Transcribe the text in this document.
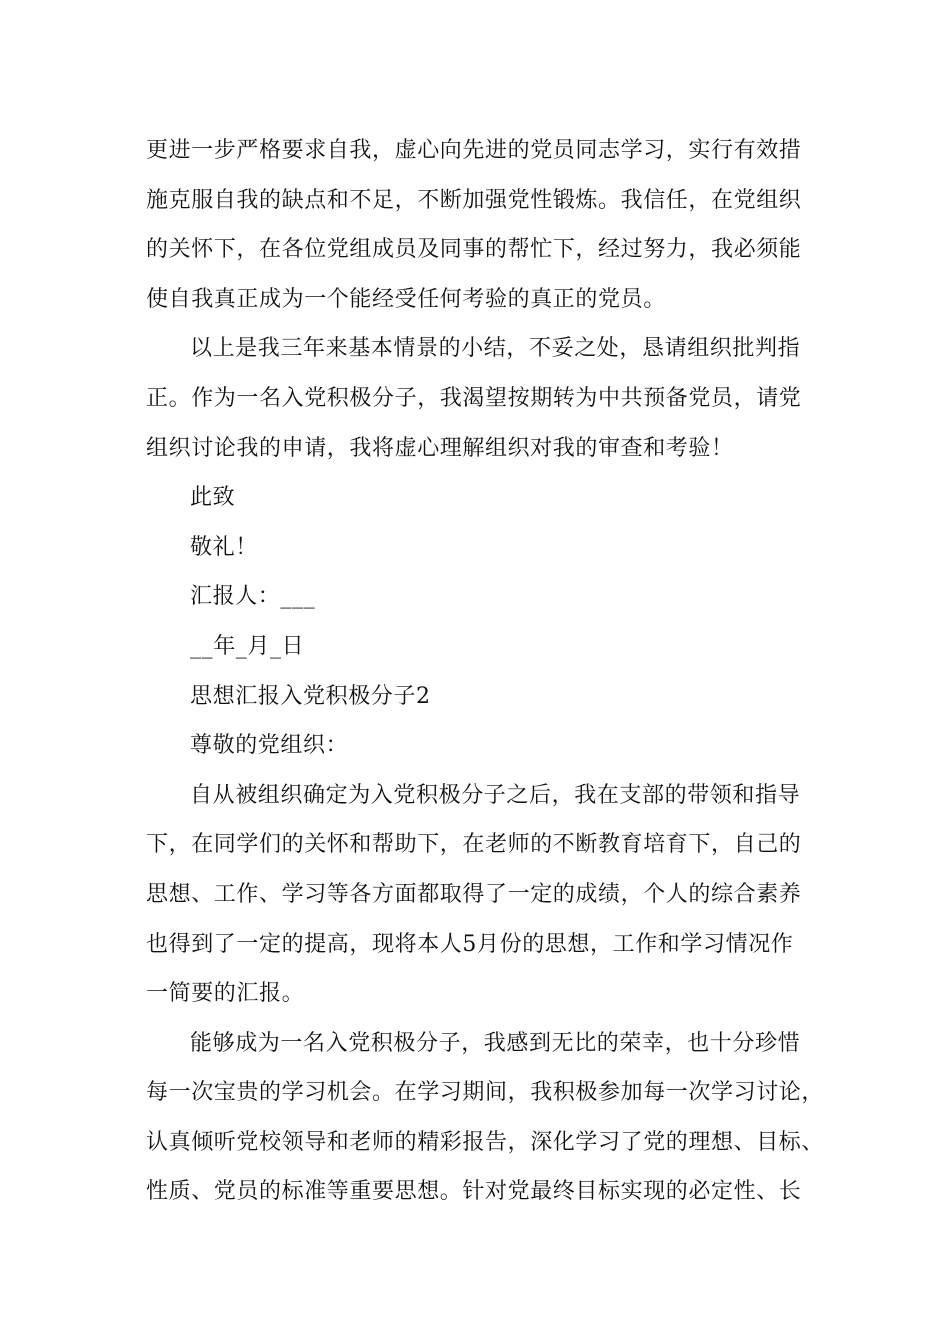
更进一步严格要求自我，虚心向先进的党员同志学习，实行有效措
施克服自我的缺点和不足，不断加强党性锻炼。我信任，在党组织
的关怀下，在各位党组成员及同事的帮忙下，经过努力，我必须能
使自我真正成为一个能经受任何考验的真正的党员。
以上是我三年来基本情景的小结，不妥之处，恳请组织批判指
正。作为一名入党积极分子，我渴望按期转为中共预备党员，请党
组织讨论我的申请，我将虚心理解组织对我的审查和考验！
此致
敬礼！
汇报人：___
__年_月_日
思想汇报入党积极分子2
尊敬的党组织：
自从被组织确定为入党积极分子之后，我在支部的带领和指导
下，在同学们的关怀和帮助下，在老师的不断教育培育下，自己的
思想、工作、学习等各方面都取得了一定的成绩，个人的综合素养
也得到了一定的提高，现将本人5月份的思想，工作和学习情况作
一简要的汇报。
能够成为一名入党积极分子，我感到无比的荣幸，也十分珍惜
每一次宝贵的学习机会。在学习期间，我积极参加每一次学习讨论，
认真倾听党校领导和老师的精彩报告，深化学习了党的理想、目标、
性质、党员的标准等重要思想。针对党最终目标实现的必定性、长
